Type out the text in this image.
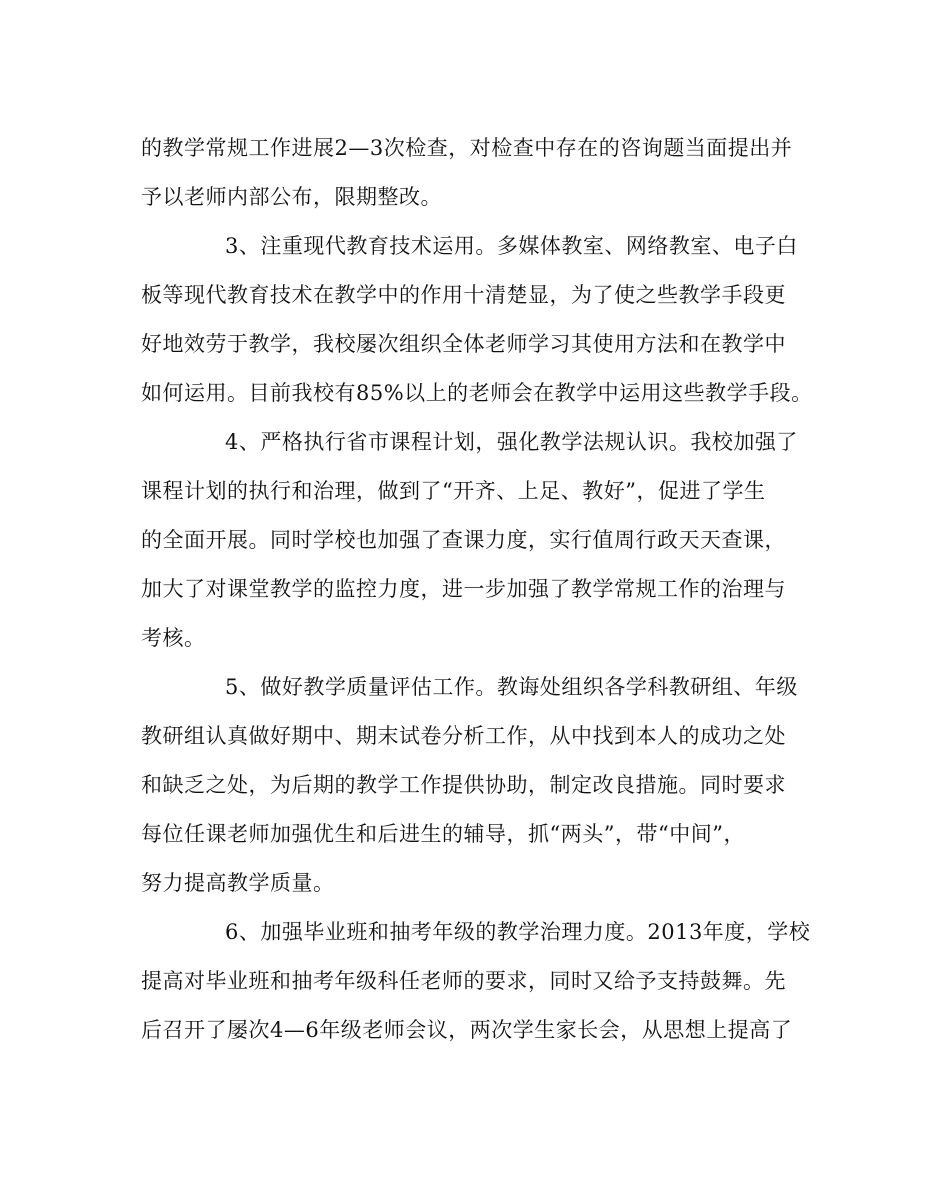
的教学常规工作进展2—3次检查，对检查中存在的咨询题当面提出并
予以老师内部公布，限期整改。
3、注重现代教育技术运用。多媒体教室、网络教室、电子白
板等现代教育技术在教学中的作用十清楚显，为了使之些教学手段更
好地效劳于教学，我校屡次组织全体老师学习其使用方法和在教学中
如何运用。目前我校有85%以上的老师会在教学中运用这些教学手段。
4、严格执行省市课程计划，强化教学法规认识。我校加强了
课程计划的执行和治理，做到了“开齐、上足、教好”，促进了学生
的全面开展。同时学校也加强了查课力度，实行值周行政天天查课，
加大了对课堂教学的监控力度，进一步加强了教学常规工作的治理与
考核。
5、做好教学质量评估工作。教诲处组织各学科教研组、年级
教研组认真做好期中、期末试卷分析工作，从中找到本人的成功之处
和缺乏之处，为后期的教学工作提供协助，制定改良措施。同时要求
每位任课老师加强优生和后进生的辅导，抓“两头”，带“中间”，
努力提高教学质量。
6、加强毕业班和抽考年级的教学治理力度。2013年度，学校
提高对毕业班和抽考年级科任老师的要求，同时又给予支持鼓舞。先
后召开了屡次4—6年级老师会议，两次学生家长会，从思想上提高了
